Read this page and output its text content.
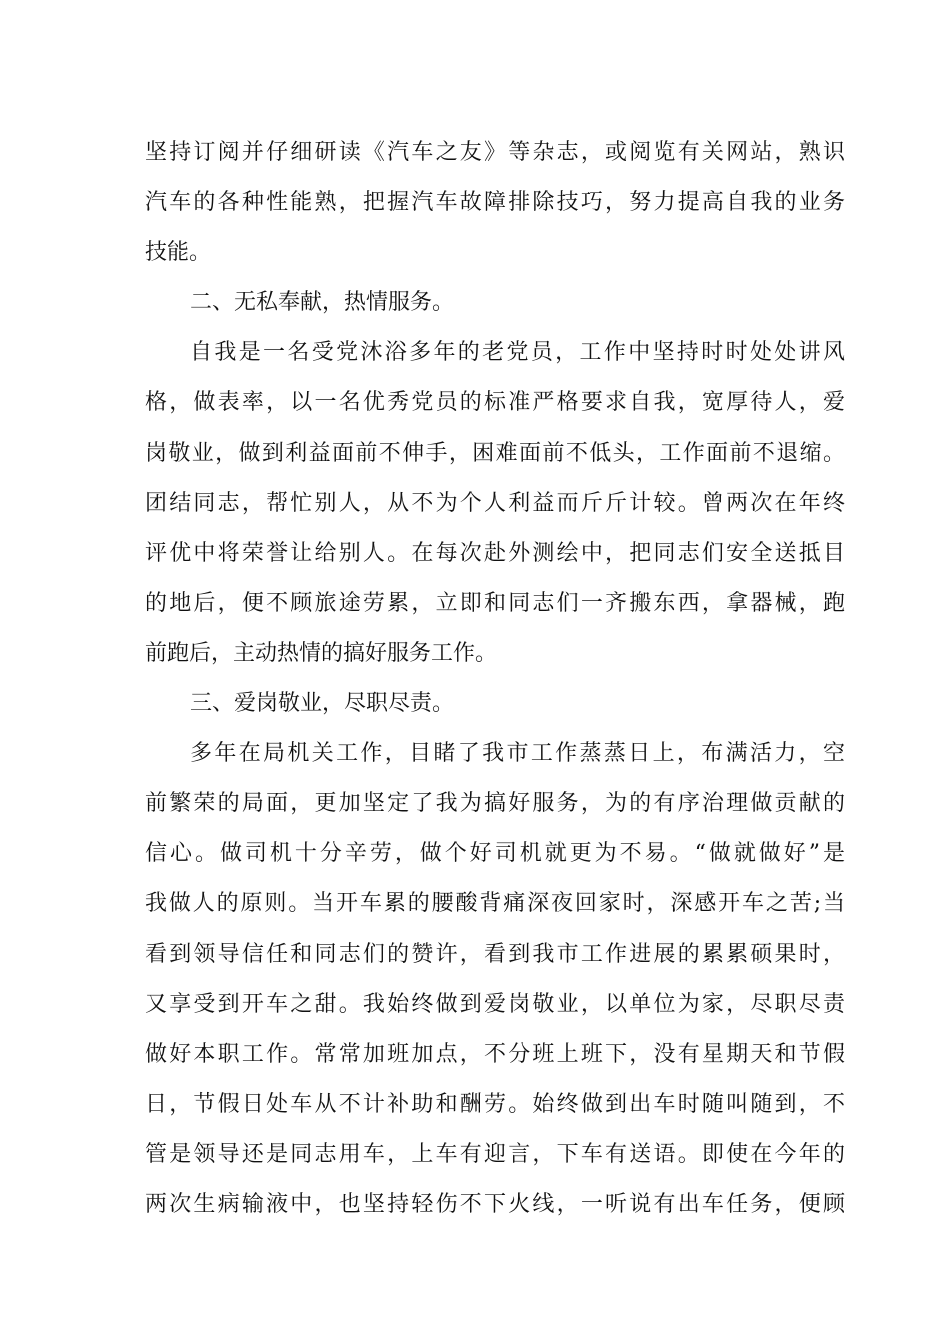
坚持订阅并仔细研读《汽车之友》等杂志，或阅览有关网站，熟识
汽车的各种性能熟，把握汽车故障排除技巧，努力提高自我的业务
技能。
二、无私奉献，热情服务。
自我是一名受党沐浴多年的老党员，工作中坚持时时处处讲风
格，做表率，以一名优秀党员的标准严格要求自我，宽厚待人，爱
岗敬业，做到利益面前不伸手，困难面前不低头，工作面前不退缩。
团结同志，帮忙别人，从不为个人利益而斤斤计较。曾两次在年终
评优中将荣誉让给别人。在每次赴外测绘中，把同志们安全送抵目
的地后，便不顾旅途劳累，立即和同志们一齐搬东西，拿器械，跑
前跑后，主动热情的搞好服务工作。
三、爱岗敬业，尽职尽责。
多年在局机关工作，目睹了我市工作蒸蒸日上，布满活力，空
前繁荣的局面，更加坚定了我为搞好服务，为的有序治理做贡献的
信心。做司机十分辛劳，做个好司机就更为不易。“做就做好”是
我做人的原则。当开车累的腰酸背痛深夜回家时，深感开车之苦;当
看到领导信任和同志们的赞许，看到我市工作进展的累累硕果时，
又享受到开车之甜。我始终做到爱岗敬业，以单位为家，尽职尽责
做好本职工作。常常加班加点，不分班上班下，没有星期天和节假
日，节假日处车从不计补助和酬劳。始终做到出车时随叫随到，不
管是领导还是同志用车，上车有迎言，下车有送语。即使在今年的
两次生病输液中，也坚持轻伤不下火线，一听说有出车任务，便顾
